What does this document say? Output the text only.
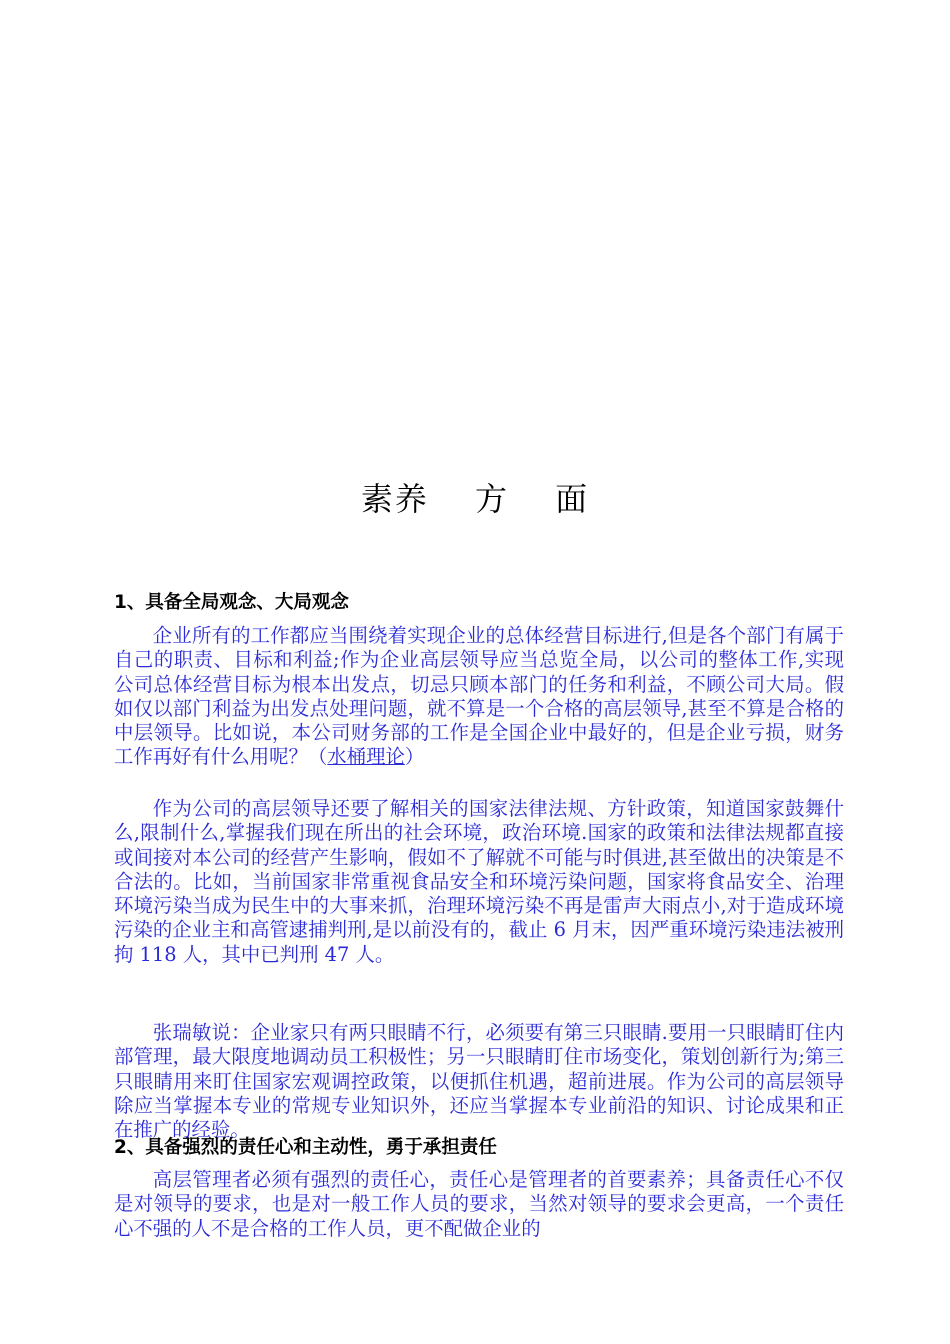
素养　 方　 面
1、具备全局观念、大局观念

企业所有的工作都应当围绕着实现企业的总体经营目标进行,但是各个部门有属于自己的职责、目标和利益;作为企业高层领导应当总览全局，以公司的整体工作,实现公司总体经营目标为根本出发点，切忌只顾本部门的任务和利益，不顾公司大局。假如仅以部门利益为出发点处理问题，就不算是一个合格的高层领导,甚至不算是合格的中层领导。比如说，本公司财务部的工作是全国企业中最好的，但是企业亏损，财务工作再好有什么用呢？（水桶理论）

作为公司的高层领导还要了解相关的国家法律法规、方针政策，知道国家鼓舞什么,限制什么,掌握我们现在所出的社会环境，政治环境.国家的政策和法律法规都直接或间接对本公司的经营产生影响，假如不了解就不可能与时俱进,甚至做出的决策是不合法的。比如，当前国家非常重视食品安全和环境污染问题，国家将食品安全、治理环境污染当成为民生中的大事来抓，治理环境污染不再是雷声大雨点小,对于造成环境污染的企业主和高管逮捕判刑,是以前没有的，截止 6 月末，因严重环境污染违法被刑拘 118 人，其中已判刑 47 人。

张瑞敏说：企业家只有两只眼睛不行，必须要有第三只眼睛.要用一只眼睛盯住内部管理，最大限度地调动员工积极性；另一只眼睛盯住市场变化，策划创新行为;第三只眼睛用来盯住国家宏观调控政策，以便抓住机遇，超前进展。作为公司的高层领导除应当掌握本专业的常规专业知识外，还应当掌握本专业前沿的知识、讨论成果和正在推广的经验。

2、具备强烈的责任心和主动性，勇于承担责任

高层管理者必须有强烈的责任心，责任心是管理者的首要素养；具备责任心不仅是对领导的要求，也是对一般工作人员的要求，当然对领导的要求会更高，一个责任心不强的人不是合格的工作人员，更不配做企业的
